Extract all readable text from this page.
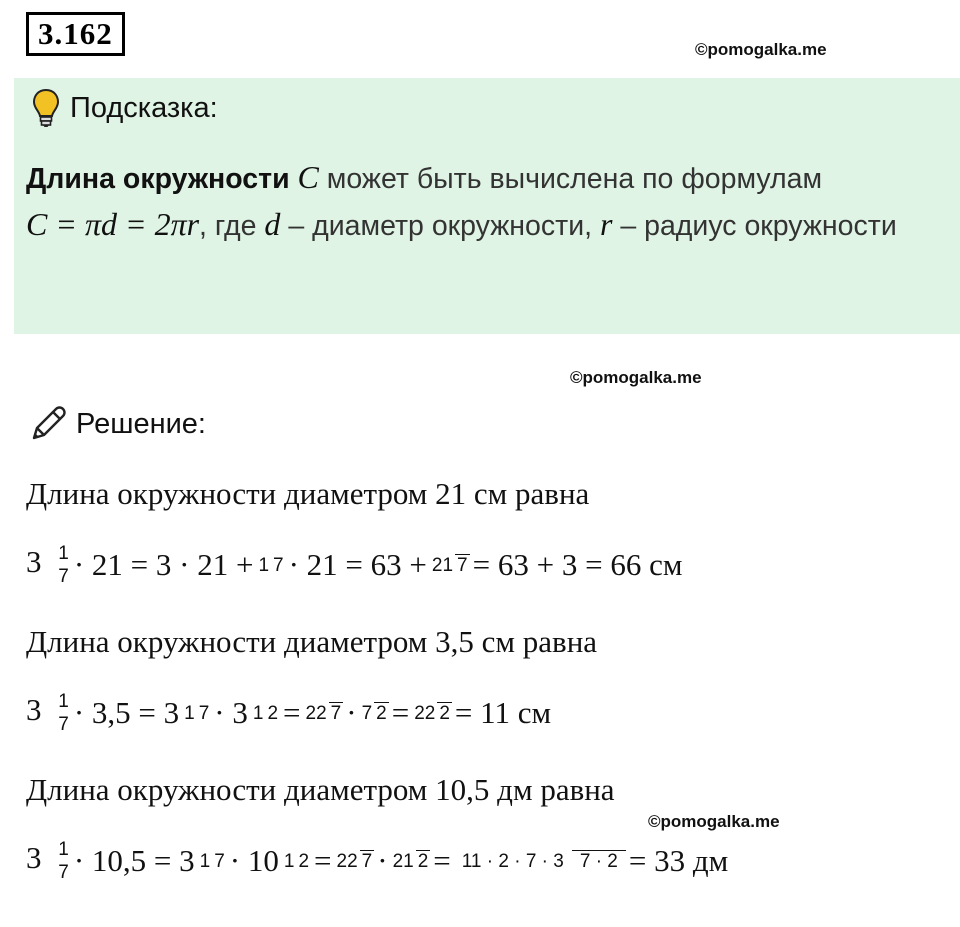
3.162	©pomogalka.me
Подсказка:
Длина окружности C может быть вычислена по формулам
C = πd = 2πr, где d – диаметр окружности, r – радиус окружности
©pomogalka.me
Решение:
Длина окружности диаметром 21 см равна
3 1
7 · 21 = 3 · 21 + 1 7 · 21 = 63 + 21 7 = 63 + 3 = 66 см
Длина окружности диаметром 3,5 см равна
3 1
7 · 3,5 = 3 1 7 · 3 1 2 = 22 7 · 7 2 = 22 2 = 11 см
Длина окружности диаметром 10,5 дм равна
©pomogalka.me
3 1
7 · 10,5 = 3 1 7 · 10 1 2 = 22 7 · 21 2 = 11 · 2 · 7 · 3 7 · 2 = 33 дм
